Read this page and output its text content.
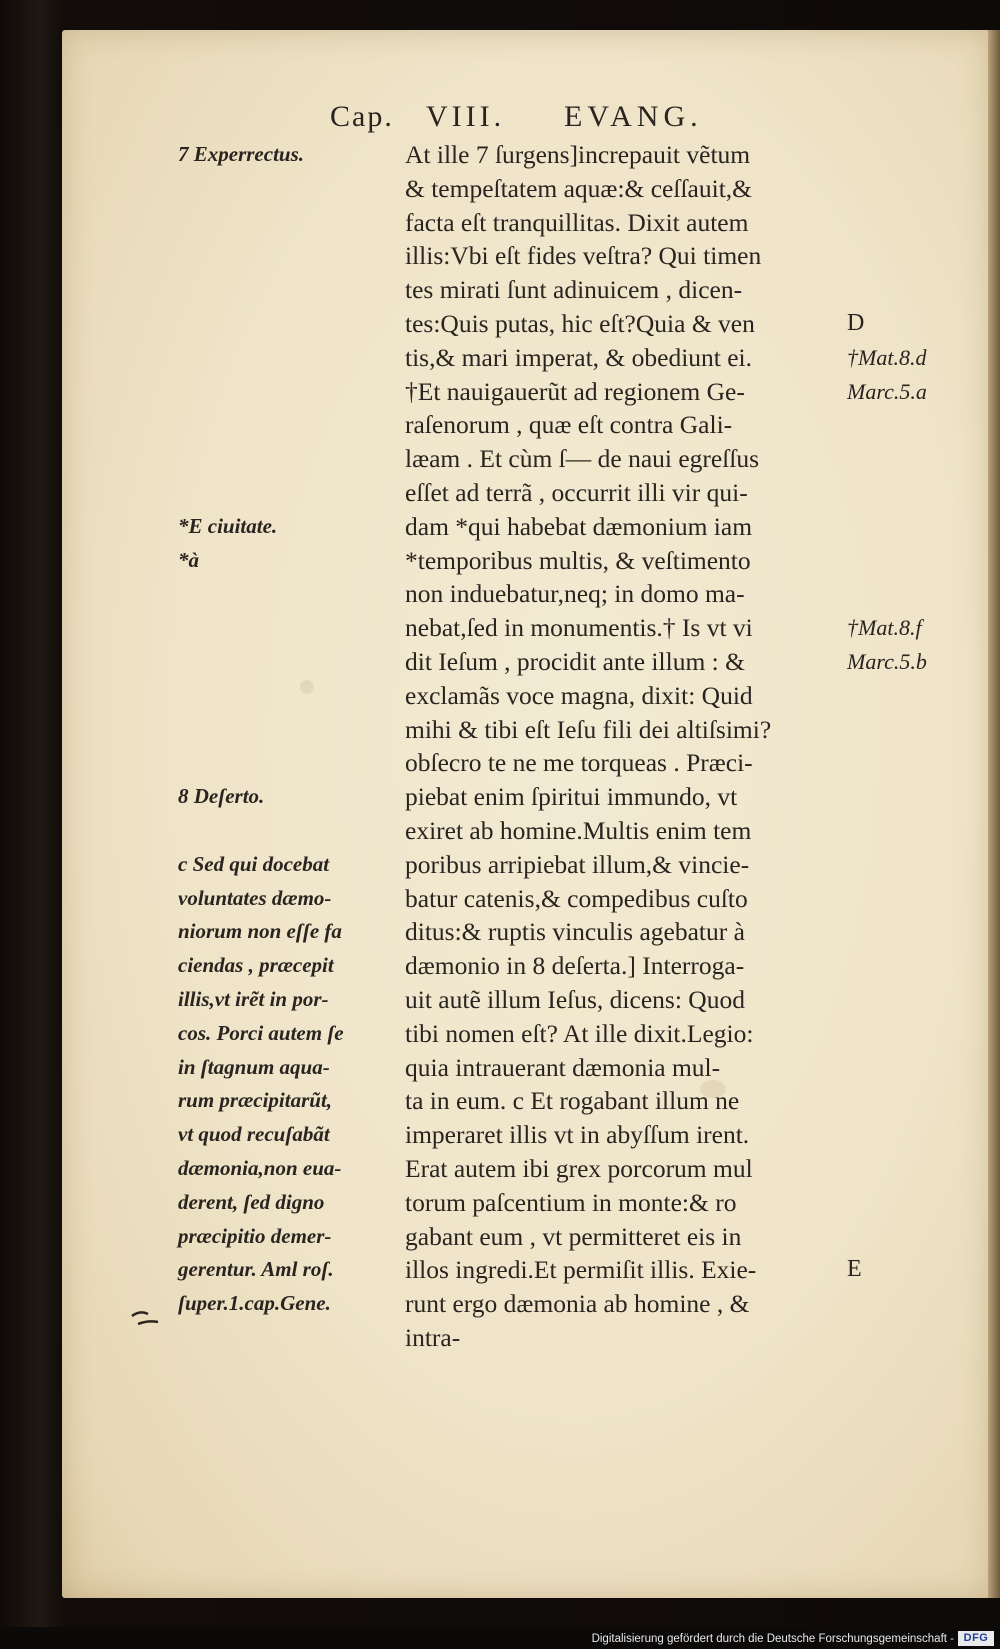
Cap. VIII. EVANG.
At ille 7 ſurgens]increpauit vẽtum
& tempeſtatem aquæ:& ceſſauit,&
facta eſt tranquillitas. Dixit autem
illis:Vbi eſt fides veſtra? Qui timen
tes mirati ſunt adinuicem , dicen-
tes:Quis putas, hic eſt?Quia & ven
tis,& mari imperat, & obediunt ei.
†Et nauigauerũt ad regionem Ge-
raſenorum , quæ eſt contra Gali-
læam . Et cùm ſ— de naui egreſſus
eſſet ad terrã , occurrit illi vir qui-
dam *qui habebat dæmonium iam
*temporibus multis, & veſtimento
non induebatur,neq; in domo ma-
nebat,ſed in monumentis.† Is vt vi
dit Ieſum , procidit ante illum : &
exclamãs voce magna, dixit: Quid
mihi & tibi eſt Ieſu fili dei altiſsimi?
obſecro te ne me torqueas . Præci-
piebat enim ſpiritui immundo, vt
exiret ab homine.Multis enim tem
poribus arripiebat illum,& vincie-
batur catenis,& compedibus cuſto
ditus:& ruptis vinculis agebatur à
dæmonio in 8 deſerta.] Interroga-
uit autẽ illum Ieſus, dicens: Quod
tibi nomen eſt? At ille dixit.Legio:
quia intrauerant dæmonia mul-
ta in eum. c Et rogabant illum ne
imperaret illis vt in abyſſum irent.
Erat autem ibi grex porcorum mul
torum paſcentium in monte:& ro
gabant eum , vt permitteret eis in
illos ingredi.Et permiſit illis. Exie-
runt ergo dæmonia ab homine , &
intra-
7 Experrectus.
*E ciuitate.
*à
8 Deſerto.
c Sed qui docebat
voluntates dæmo-
niorum non eſſe fa
ciendas , præcepit
illis,vt irẽt in por-
cos. Porci autem ſe
in ſtagnum aqua-
rum præcipitarũt,
vt quod recuſabãt
dæmonia,non eua-
derent, ſed digno
præcipitio demer-
gerentur. Aml roſ.
ſuper.1.cap.Gene.
D
†Mat.8.d
Marc.5.a
†Mat.8.f
Marc.5.b
E
Digitalisierung gefördert durch die Deutsche Forschungsgemeinschaft - DFG
